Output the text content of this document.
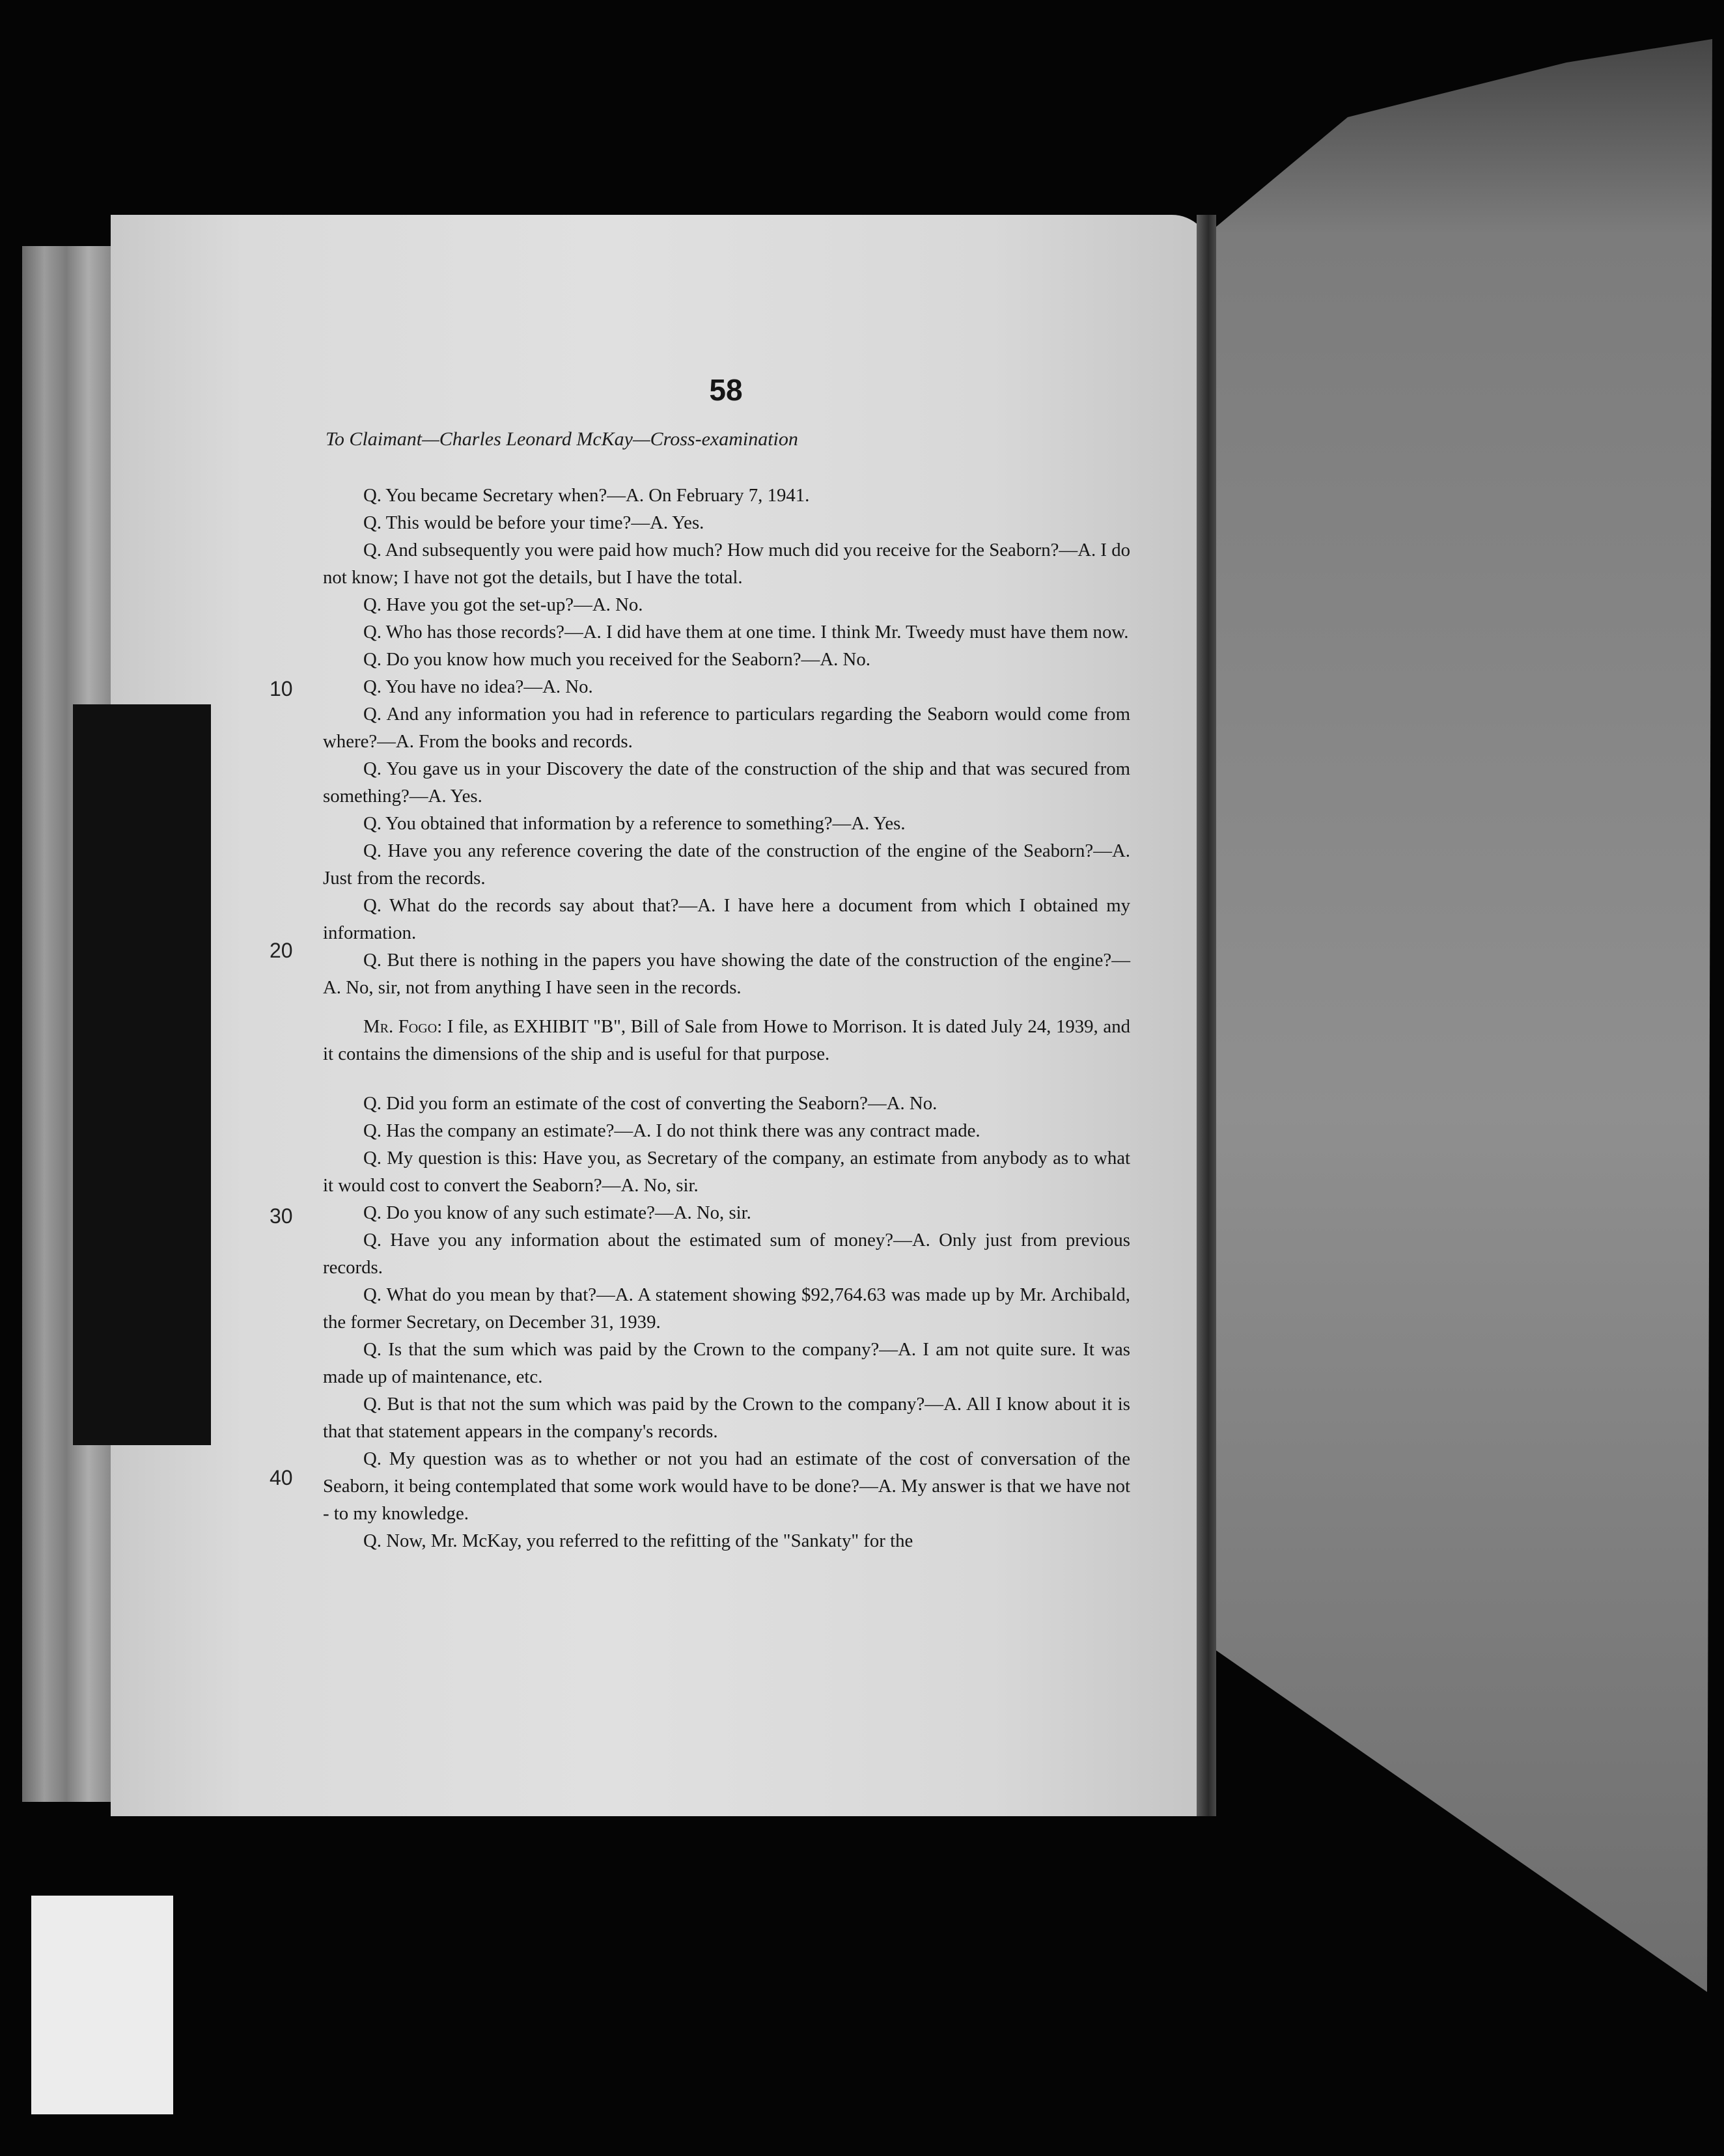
58
To Claimant—Charles Leonard McKay—Cross-examination
10
20
30
40

Q. You became Secretary when?—A. On February 7, 1941.

Q. This would be before your time?—A. Yes.

Q. And subsequently you were paid how much? How much did you receive for the Seaborn?—A. I do not know; I have not got the details, but I have the total.

Q. Have you got the set-up?—A. No.

Q. Who has those records?—A. I did have them at one time. I think Mr. Tweedy must have them now.

Q. Do you know how much you received for the Seaborn?—A. No.

Q. You have no idea?—A. No.

Q. And any information you had in reference to particulars regarding the Seaborn would come from where?—A. From the books and records.

Q. You gave us in your Discovery the date of the construction of the ship and that was secured from something?—A. Yes.

Q. You obtained that information by a reference to something?—A. Yes.

Q. Have you any reference covering the date of the construction of the engine of the Seaborn?—A. Just from the records.

Q. What do the records say about that?—A. I have here a document from which I obtained my information.

Q. But there is nothing in the papers you have showing the date of the construction of the engine?—A. No, sir, not from anything I have seen in the records.

Mr. Fogo: I file, as EXHIBIT "B", Bill of Sale from Howe to Morrison. It is dated July 24, 1939, and it contains the dimensions of the ship and is useful for that purpose.

Q. Did you form an estimate of the cost of converting the Seaborn?—A. No.

Q. Has the company an estimate?—A. I do not think there was any contract made.

Q. My question is this: Have you, as Secretary of the company, an estimate from anybody as to what it would cost to convert the Seaborn?—A. No, sir.

Q. Do you know of any such estimate?—A. No, sir.

Q. Have you any information about the estimated sum of money?—A. Only just from previous records.

Q. What do you mean by that?—A. A statement showing $92,764.63 was made up by Mr. Archibald, the former Secretary, on December 31, 1939.

Q. Is that the sum which was paid by the Crown to the company?—A. I am not quite sure. It was made up of maintenance, etc.

Q. But is that not the sum which was paid by the Crown to the company?—A. All I know about it is that that statement appears in the company's records.

Q. My question was as to whether or not you had an estimate of the cost of conversation of the Seaborn, it being contemplated that some work would have to be done?—A. My answer is that we have not - to my knowledge.

Q. Now, Mr. McKay, you referred to the refitting of the "Sankaty" for the
